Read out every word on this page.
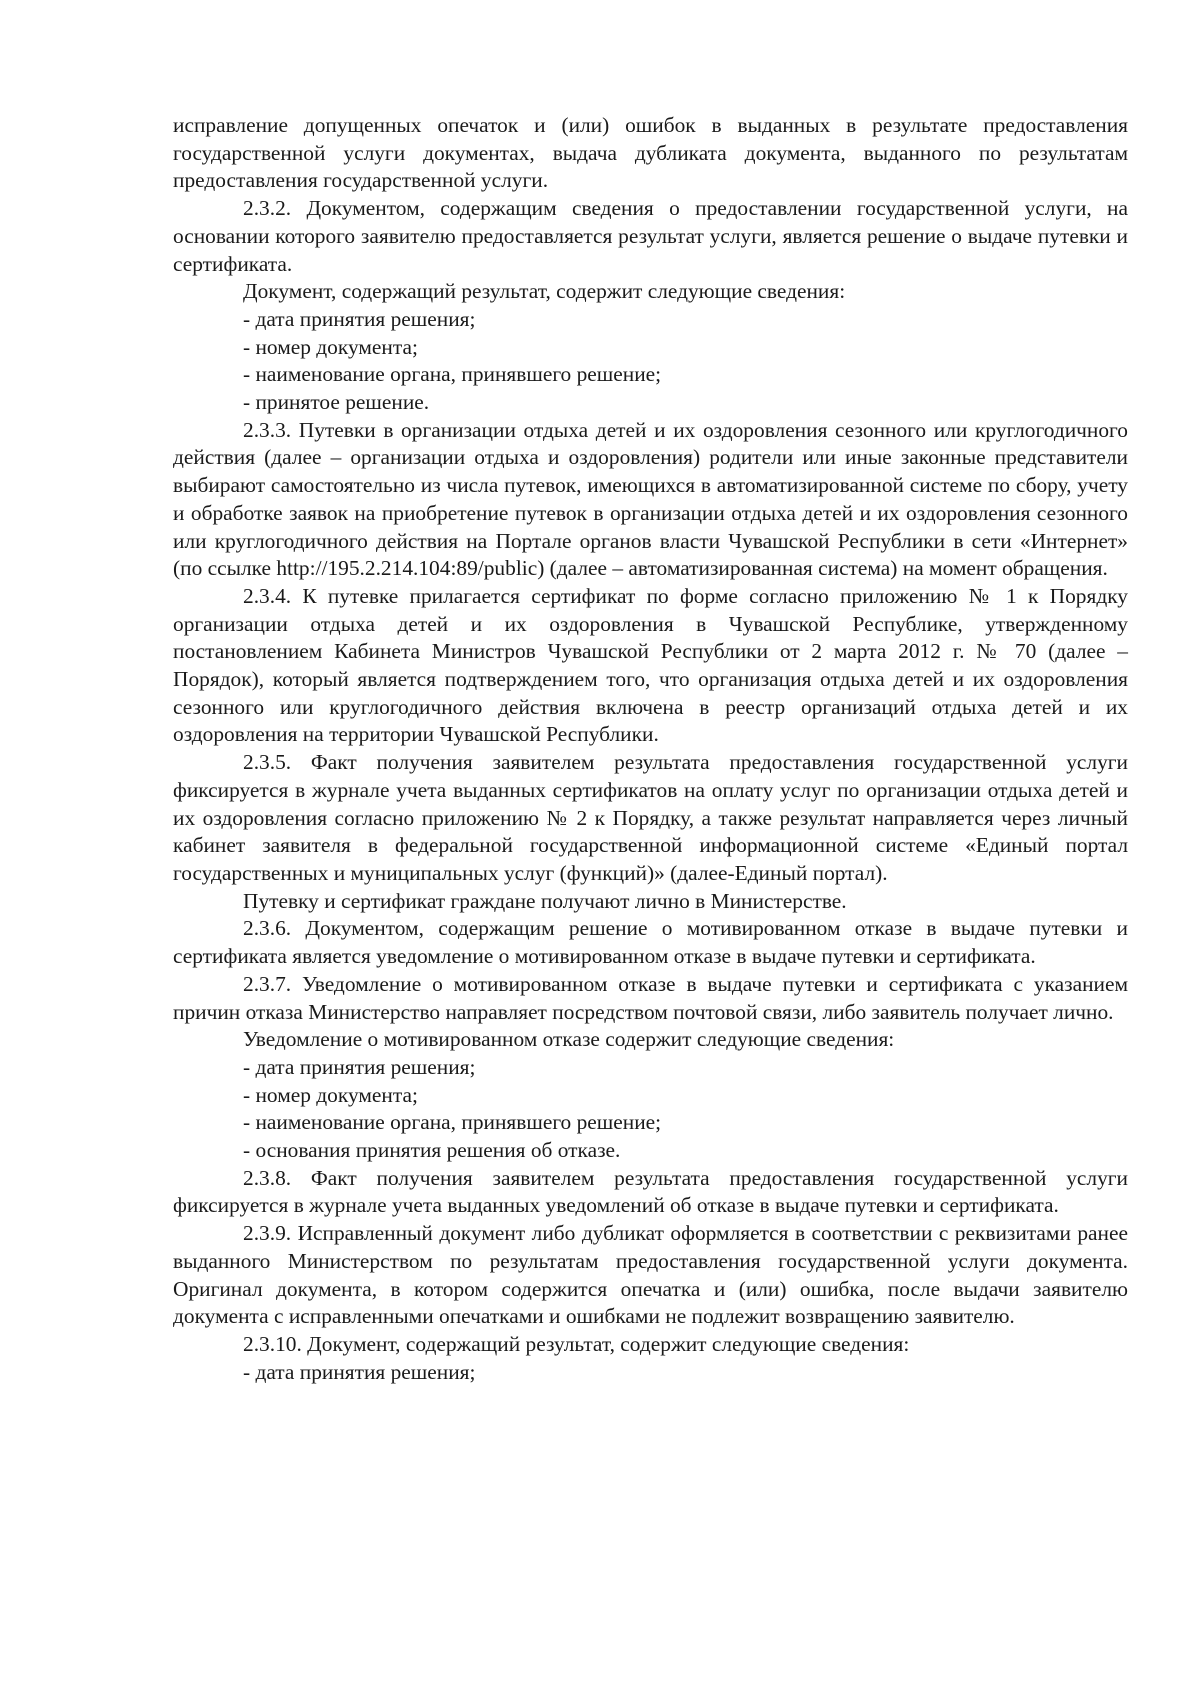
исправление допущенных опечаток и (или) ошибок в выданных в результате предоставления государственной услуги документах, выдача дубликата документа, выданного по результатам предоставления государственной услуги.

2.3.2. Документом, содержащим сведения о предоставлении государственной услуги, на основании которого заявителю предоставляется результат услуги, является решение о выдаче путевки и сертификата.

Документ, содержащий результат, содержит следующие сведения:

- дата принятия решения;

- номер документа;

- наименование органа, принявшего решение;

- принятое решение.

2.3.3. Путевки в организации отдыха детей и их оздоровления сезонного или круглогодичного действия (далее – организации отдыха и оздоровления) родители или иные законные представители выбирают самостоятельно из числа путевок, имеющихся в автоматизированной системе по сбору, учету и обработке заявок на приобретение путевок в организации отдыха детей и их оздоровления сезонного или круглогодичного действия на Портале органов власти Чувашской Республики в сети «Интернет» (по ссылке http://195.2.214.104:89/public) (далее – автоматизированная система) на момент обращения.

2.3.4. К путевке прилагается сертификат по форме согласно приложению № 1 к Порядку организации отдыха детей и их оздоровления в Чувашской Республике, утвержденному постановлением Кабинета Министров Чувашской Республики от 2 марта 2012 г. № 70 (далее – Порядок), который является подтверждением того, что организация отдыха детей и их оздоровления сезонного или круглогодичного действия включена в реестр организаций отдыха детей и их оздоровления на территории Чувашской Республики.

2.3.5. Факт получения заявителем результата предоставления государственной услуги фиксируется в журнале учета выданных сертификатов на оплату услуг по организации отдыха детей и их оздоровления согласно приложению № 2 к Порядку, а также результат направляется через личный кабинет заявителя в федеральной государственной информационной системе «Единый портал государственных и муниципальных услуг (функций)» (далее-Единый портал).

Путевку и сертификат граждане получают лично в Министерстве.

2.3.6. Документом, содержащим решение о мотивированном отказе в выдаче путевки и сертификата является уведомление о мотивированном отказе в выдаче путевки и сертификата.

2.3.7. Уведомление о мотивированном отказе в выдаче путевки и сертификата с указанием причин отказа Министерство направляет посредством почтовой связи, либо заявитель получает лично.

Уведомление о мотивированном отказе содержит следующие сведения:

- дата принятия решения;

- номер документа;

- наименование органа, принявшего решение;

- основания принятия решения об отказе.

2.3.8. Факт получения заявителем результата предоставления государственной услуги фиксируется в журнале учета выданных уведомлений об отказе в выдаче путевки и сертификата.

2.3.9. Исправленный документ либо дубликат оформляется в соответствии с реквизитами ранее выданного Министерством по результатам предоставления государственной услуги документа. Оригинал документа, в котором содержится опечатка и (или) ошибка, после выдачи заявителю документа с исправленными опечатками и ошибками не подлежит возвращению заявителю.

2.3.10. Документ, содержащий результат, содержит следующие сведения:

- дата принятия решения;
